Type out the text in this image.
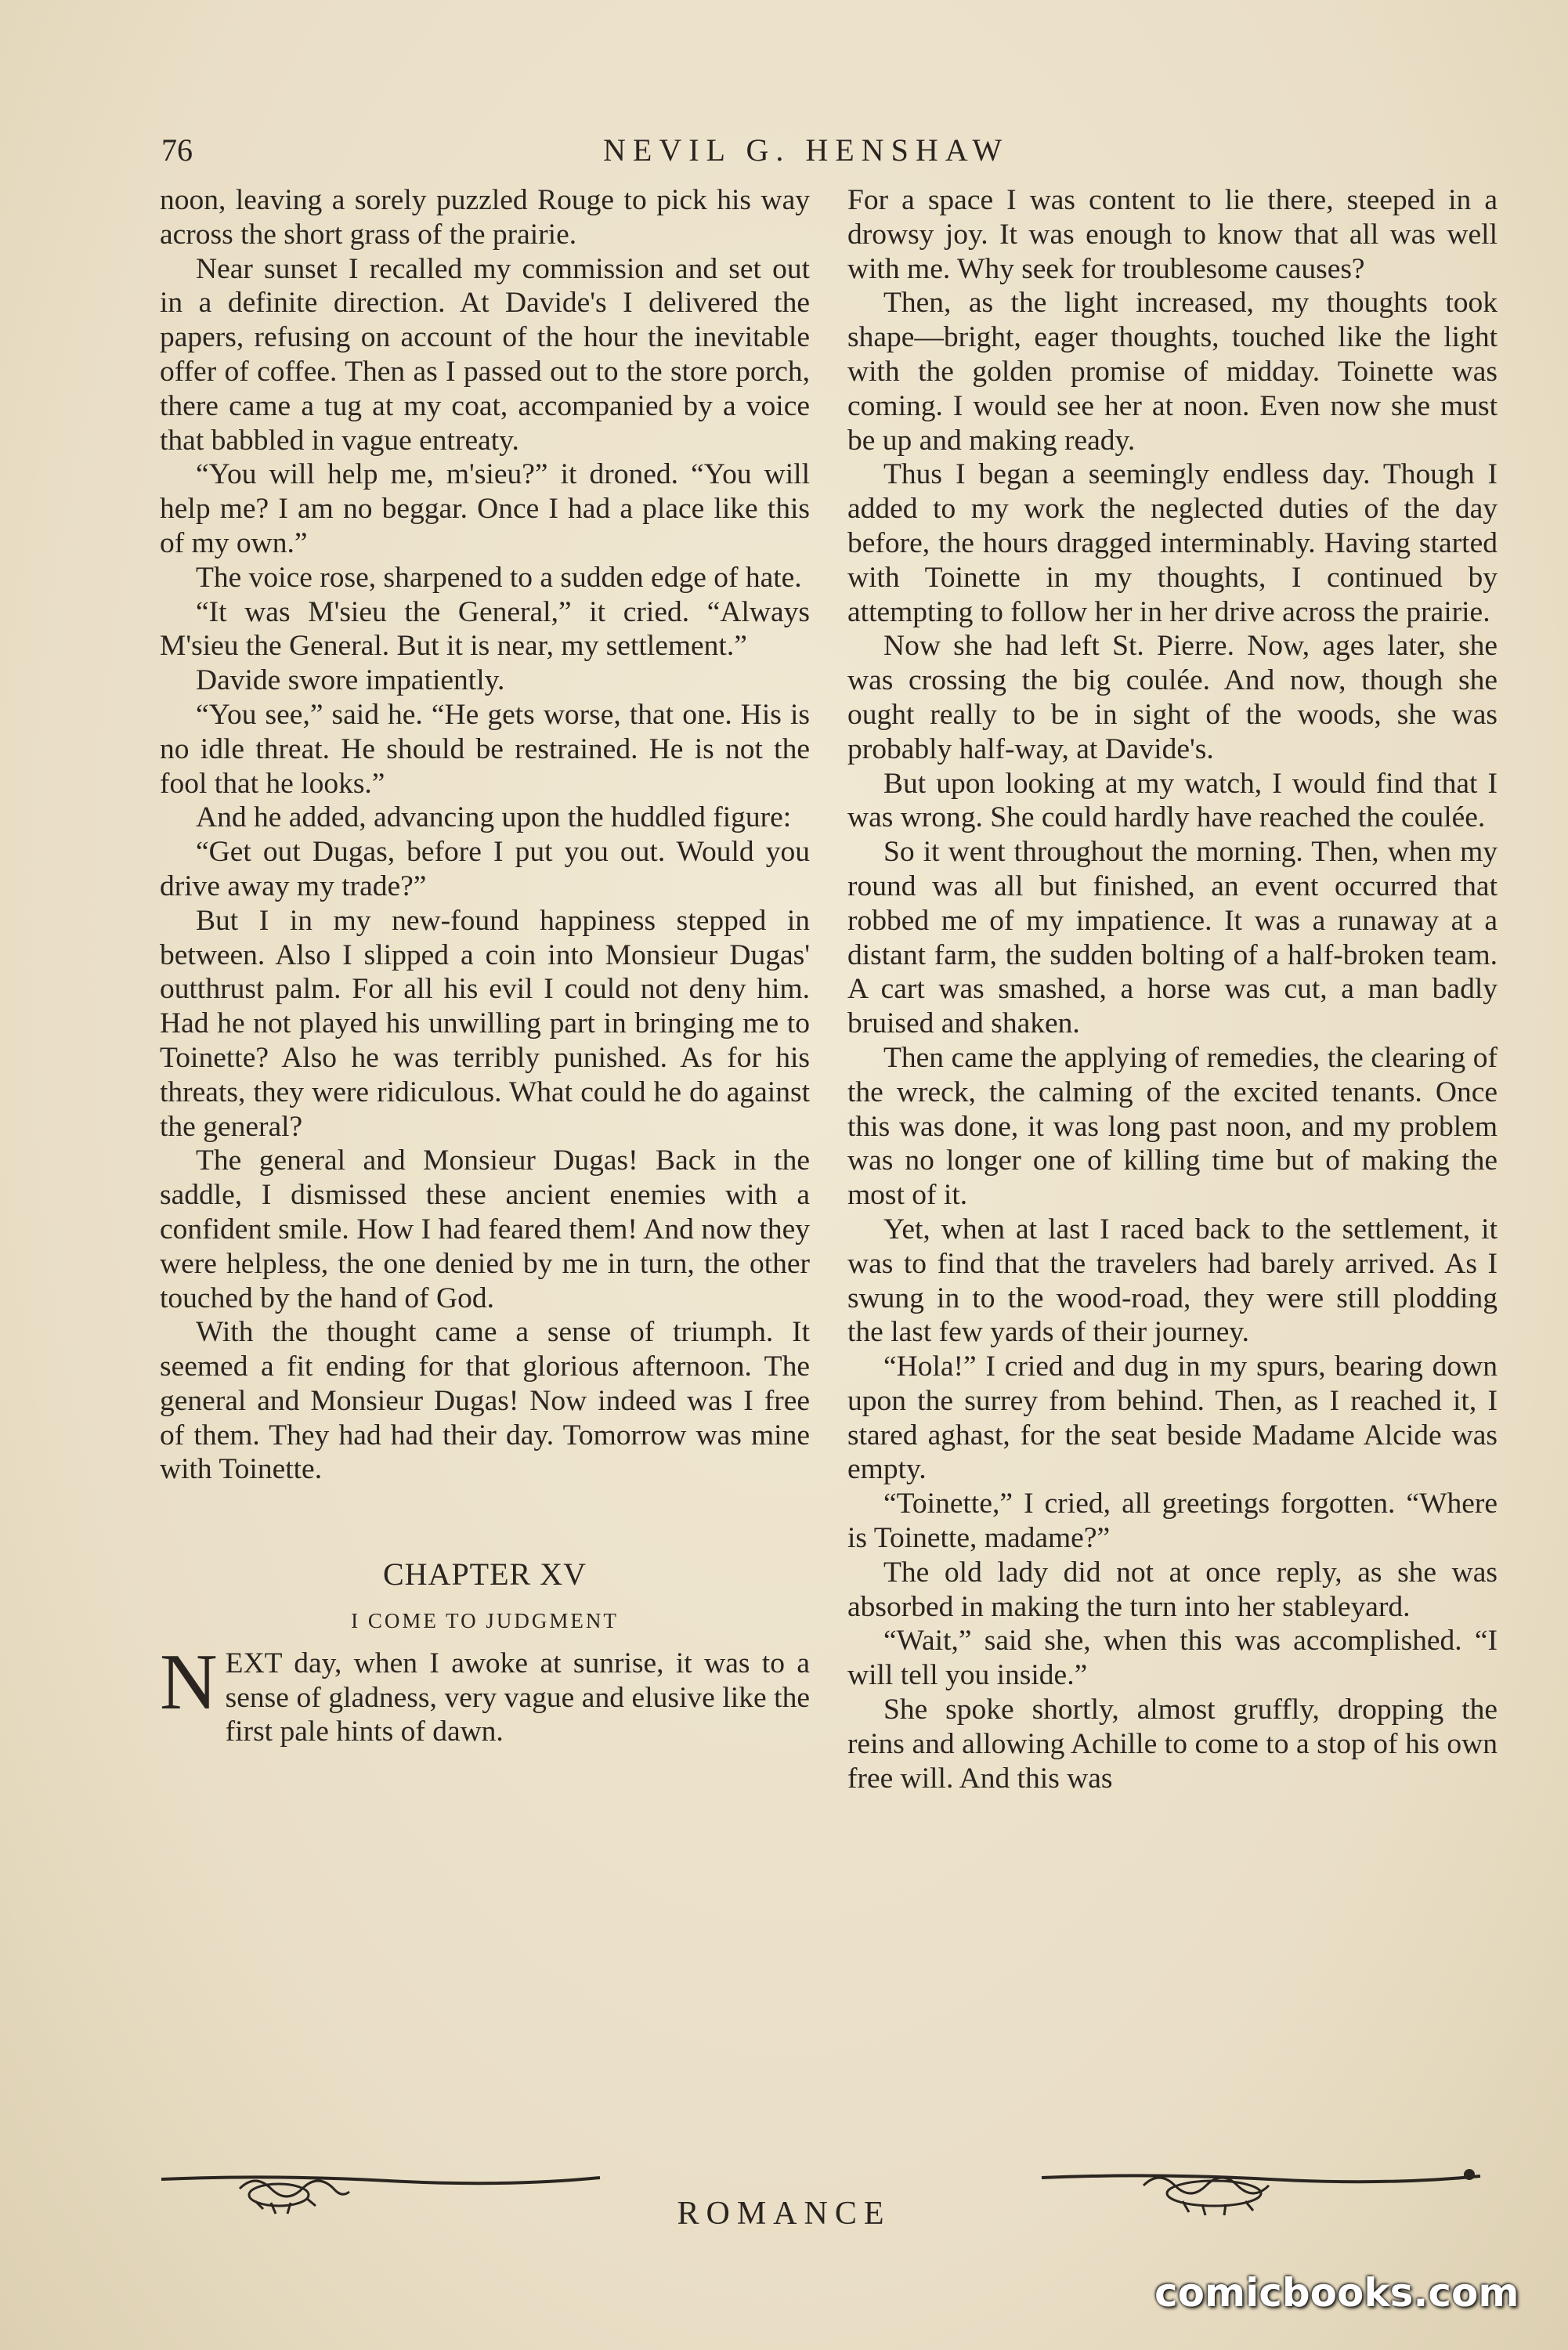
76	NEVIL G. HENSHAW

noon, leaving a sorely puzzled Rouge to pick his way across the short grass of the prairie.

Near sunset I recalled my commission and set out in a definite direction. At Davide's I delivered the papers, refusing on account of the hour the inevitable offer of coffee. Then as I passed out to the store porch, there came a tug at my coat, accompanied by a voice that babbled in vague entreaty.

“You will help me, m'sieu?” it droned. “You will help me? I am no beggar. Once I had a place like this of my own.”

The voice rose, sharpened to a sudden edge of hate.

“It was M'sieu the General,” it cried. “Always M'sieu the General. But it is near, my settlement.”

Davide swore impatiently.

“You see,” said he. “He gets worse, that one. His is no idle threat. He should be restrained. He is not the fool that he looks.”

And he added, advancing upon the huddled figure:

“Get out Dugas, before I put you out. Would you drive away my trade?”

But I in my new-found happiness stepped in between. Also I slipped a coin into Monsieur Dugas' outthrust palm. For all his evil I could not deny him. Had he not played his unwilling part in bringing me to Toinette? Also he was terribly punished. As for his threats, they were ridiculous. What could he do against the general?

The general and Monsieur Dugas! Back in the saddle, I dismissed these ancient enemies with a confident smile. How I had feared them! And now they were helpless, the one denied by me in turn, the other touched by the hand of God.

With the thought came a sense of triumph. It seemed a fit ending for that glorious afternoon. The general and Monsieur Dugas! Now indeed was I free of them. They had had their day. Tomorrow was mine with Toinette.

CHAPTER XV
I COME TO JUDGMENT

NEXT day, when I awoke at sunrise, it was to a sense of gladness, very vague and elusive like the first pale hints of dawn.

For a space I was content to lie there, steeped in a drowsy joy. It was enough to know that all was well with me. Why seek for troublesome causes?

Then, as the light increased, my thoughts took shape—bright, eager thoughts, touched like the light with the golden promise of midday. Toinette was coming. I would see her at noon. Even now she must be up and making ready.

Thus I began a seemingly endless day. Though I added to my work the neglected duties of the day before, the hours dragged interminably. Having started with Toinette in my thoughts, I continued by attempting to follow her in her drive across the prairie.

Now she had left St. Pierre. Now, ages later, she was crossing the big coulée. And now, though she ought really to be in sight of the woods, she was probably half-way, at Davide's.

But upon looking at my watch, I would find that I was wrong. She could hardly have reached the coulée.

So it went throughout the morning. Then, when my round was all but finished, an event occurred that robbed me of my impatience. It was a runaway at a distant farm, the sudden bolting of a half-broken team. A cart was smashed, a horse was cut, a man badly bruised and shaken.

Then came the applying of remedies, the clearing of the wreck, the calming of the excited tenants. Once this was done, it was long past noon, and my problem was no longer one of killing time but of making the most of it.

Yet, when at last I raced back to the settlement, it was to find that the travelers had barely arrived. As I swung in to the wood-road, they were still plodding the last few yards of their journey.

“Hola!” I cried and dug in my spurs, bearing down upon the surrey from behind. Then, as I reached it, I stared aghast, for the seat beside Madame Alcide was empty.

“Toinette,” I cried, all greetings forgotten. “Where is Toinette, madame?”

The old lady did not at once reply, as she was absorbed in making the turn into her stableyard.

“Wait,” said she, when this was accomplished. “I will tell you inside.”

She spoke shortly, almost gruffly, dropping the reins and allowing Achille to come to a stop of his own free will. And this was

ROMANCE
comicbooks.com
